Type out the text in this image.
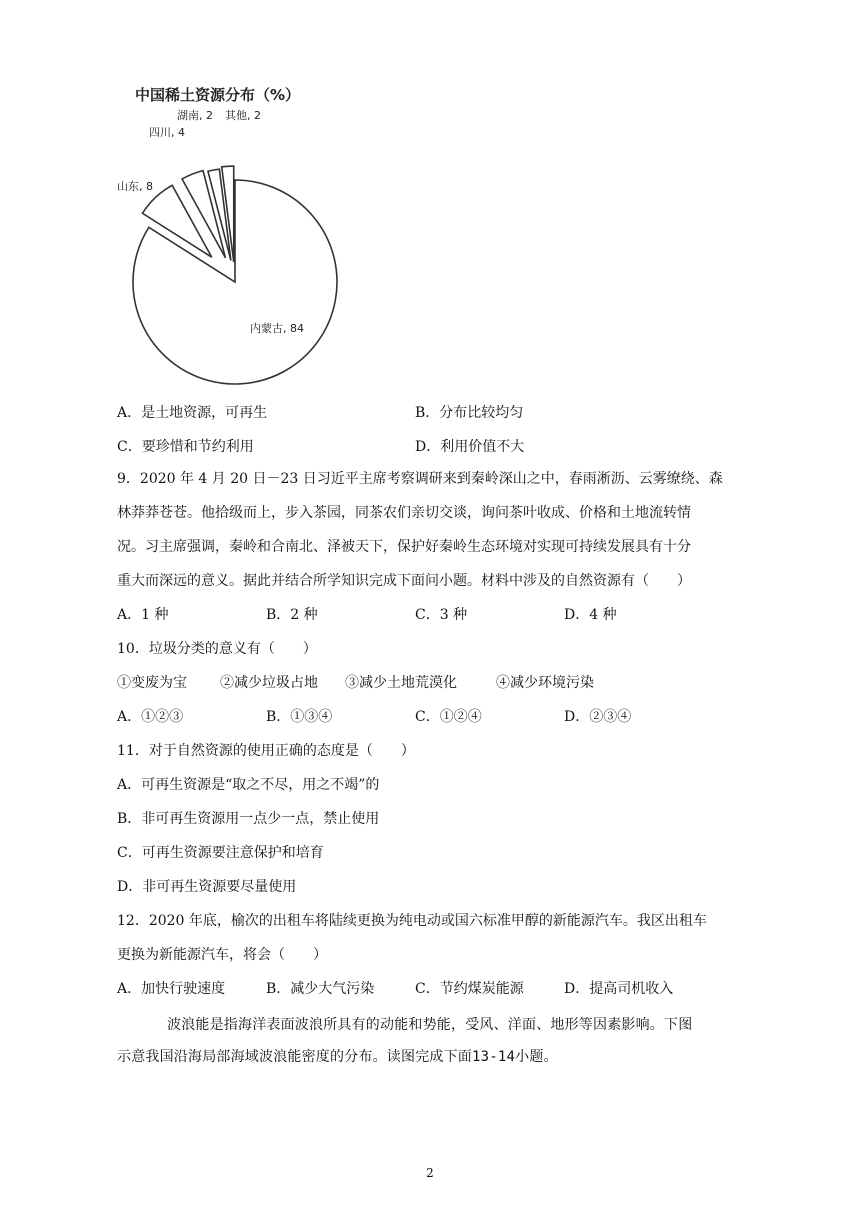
内蒙古, 84
山东, 8
四川, 4
湖南, 2 其他, 2
中国稀土资源分布（%）
A．是土地资源，可再生	B．分布比较均匀
C．要珍惜和节约利用	D．利用价值不大
9．2020 年 4 月 20 日－23 日习近平主席考察调研来到秦岭深山之中，春雨淅沥、云雾缭绕、森
林莽莽苍苍。他拾级而上，步入茶园，同茶农们亲切交谈，询问茶叶收成、价格和土地流转情
况。习主席强调，秦岭和合南北、泽被天下，保护好秦岭生态环境对实现可持续发展具有十分
重大而深远的意义。据此并结合所学知识完成下面问小题。材料中涉及的自然资源有（　　）
A．1 种	B．2 种	C．3 种	D．4 种
10．垃圾分类的意义有（　　）
①变废为宝 ②减少垃圾占地 ③减少土地荒漠化	④减少环境污染
A．①②③	B．①③④	C．①②④	D．②③④
11．对于自然资源的使用正确的态度是（　　）
A．可再生资源是“取之不尽，用之不竭”的
B．非可再生资源用一点少一点，禁止使用
C．可再生资源要注意保护和培育
D．非可再生资源要尽量使用
12．2020 年底，榆次的出租车将陆续更换为纯电动或国六标准甲醇的新能源汽车。我区出租车
更换为新能源汽车，将会（　　）
A．加快行驶速度	B．减少大气污染	C．节约煤炭能源	D．提高司机收入
波浪能是指海洋表面波浪所具有的动能和势能，受风、洋面、地形等因素影响。下图
示意我国沿海局部海域波浪能密度的分布。读图完成下面13-14小题。
2
